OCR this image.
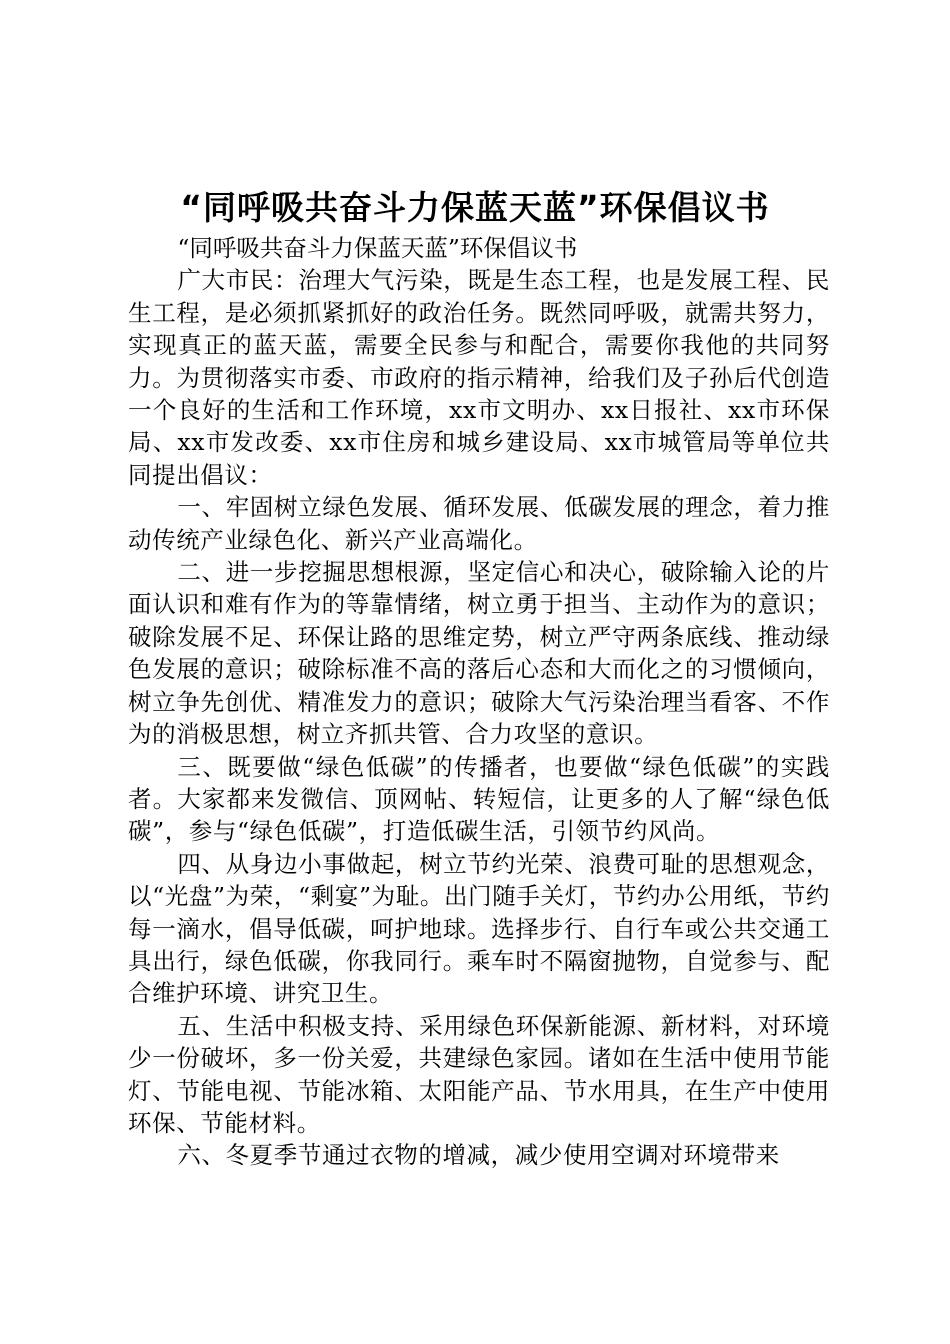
“同呼吸共奋斗力保蓝天蓝”环保倡议书

“同呼吸共奋斗力保蓝天蓝”环保倡议书

广大市民：治理大气污染，既是生态工程，也是发展工程、民生工程，是必须抓紧抓好的政治任务。既然同呼吸，就需共努力，实现真正的蓝天蓝，需要全民参与和配合，需要你我他的共同努力。为贯彻落实市委、市政府的指示精神，给我们及子孙后代创造一个良好的生活和工作环境，xx市文明办、xx日报社、xx市环保局、xx市发改委、xx市住房和城乡建设局、xx市城管局等单位共同提出倡议：

一、牢固树立绿色发展、循环发展、低碳发展的理念，着力推动传统产业绿色化、新兴产业高端化。

二、进一步挖掘思想根源，坚定信心和决心，破除输入论的片面认识和难有作为的等靠情绪，树立勇于担当、主动作为的意识；破除发展不足、环保让路的思维定势，树立严守两条底线、推动绿色发展的意识；破除标准不高的落后心态和大而化之的习惯倾向，树立争先创优、精准发力的意识；破除大气污染治理当看客、不作为的消极思想，树立齐抓共管、合力攻坚的意识。

三、既要做“绿色低碳”的传播者，也要做“绿色低碳”的实践者。大家都来发微信、顶网帖、转短信，让更多的人了解“绿色低碳”，参与“绿色低碳”，打造低碳生活，引领节约风尚。

四、从身边小事做起，树立节约光荣、浪费可耻的思想观念，以“光盘”为荣，“剩宴”为耻。出门随手关灯，节约办公用纸，节约每一滴水，倡导低碳，呵护地球。选择步行、自行车或公共交通工具出行，绿色低碳，你我同行。乘车时不隔窗抛物，自觉参与、配合维护环境、讲究卫生。

五、生活中积极支持、采用绿色环保新能源、新材料，对环境少一份破坏，多一份关爱，共建绿色家园。诸如在生活中使用节能灯、节能电视、节能冰箱、太阳能产品、节水用具，在生产中使用环保、节能材料。

六、冬夏季节通过衣物的增减，减少使用空调对环境带来
